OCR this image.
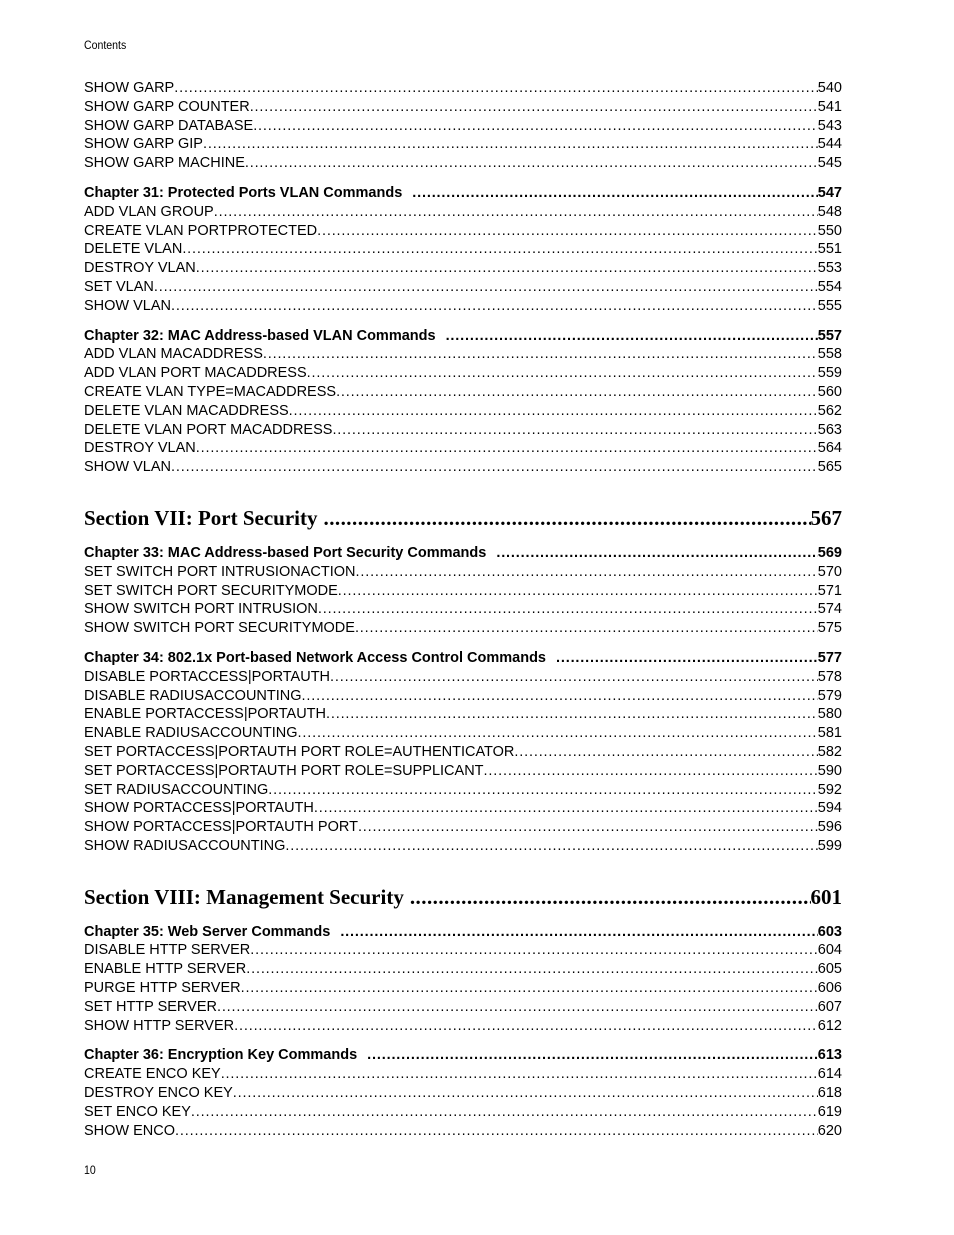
Contents
SHOW GARP . . .	540
SHOW GARP COUNTER . . .	541
SHOW GARP DATABASE . . .	543
SHOW GARP GIP . . .	544
SHOW GARP MACHINE . . .	545
Chapter 31: Protected Ports VLAN Commands . . .	547
ADD VLAN GROUP . . .	548
CREATE VLAN PORTPROTECTED . . .	550
DELETE VLAN . . .	551
DESTROY VLAN . . .	553
SET VLAN . . .	554
SHOW VLAN . . .	555
Chapter 32: MAC Address-based VLAN Commands . . .	557
ADD VLAN MACADDRESS . . .	558
ADD VLAN PORT MACADDRESS . . .	559
CREATE VLAN TYPE=MACADDRESS . . .	560
DELETE VLAN MACADDRESS . . .	562
DELETE VLAN PORT MACADDRESS . . .	563
DESTROY VLAN . . .	564
SHOW VLAN . . .	565
Section VII: Port Security . . .	567
Chapter 33: MAC Address-based Port Security Commands . . .	569
SET SWITCH PORT INTRUSIONACTION . . .	570
SET SWITCH PORT SECURITYMODE . . .	571
SHOW SWITCH PORT INTRUSION . . .	574
SHOW SWITCH PORT SECURITYMODE . . .	575
Chapter 34: 802.1x Port-based Network Access Control Commands . . .	577
DISABLE PORTACCESS|PORTAUTH . . .	578
DISABLE RADIUSACCOUNTING . . .	579
ENABLE PORTACCESS|PORTAUTH . . .	580
ENABLE RADIUSACCOUNTING . . .	581
SET PORTACCESS|PORTAUTH PORT ROLE=AUTHENTICATOR . . .	582
SET PORTACCESS|PORTAUTH PORT ROLE=SUPPLICANT . . .	590
SET RADIUSACCOUNTING . . .	592
SHOW PORTACCESS|PORTAUTH . . .	594
SHOW PORTACCESS|PORTAUTH PORT . . .	596
SHOW RADIUSACCOUNTING . . .	599
Section VIII: Management Security . . .	601
Chapter 35: Web Server Commands . . .	603
DISABLE HTTP SERVER . . .	604
ENABLE HTTP SERVER . . .	605
PURGE HTTP SERVER . . .	606
SET HTTP SERVER . . .	607
SHOW HTTP SERVER . . .	612
Chapter 36: Encryption Key Commands . . .	613
CREATE ENCO KEY . . .	614
DESTROY ENCO KEY . . .	618
SET ENCO KEY . . .	619
SHOW ENCO . . .	620
10
